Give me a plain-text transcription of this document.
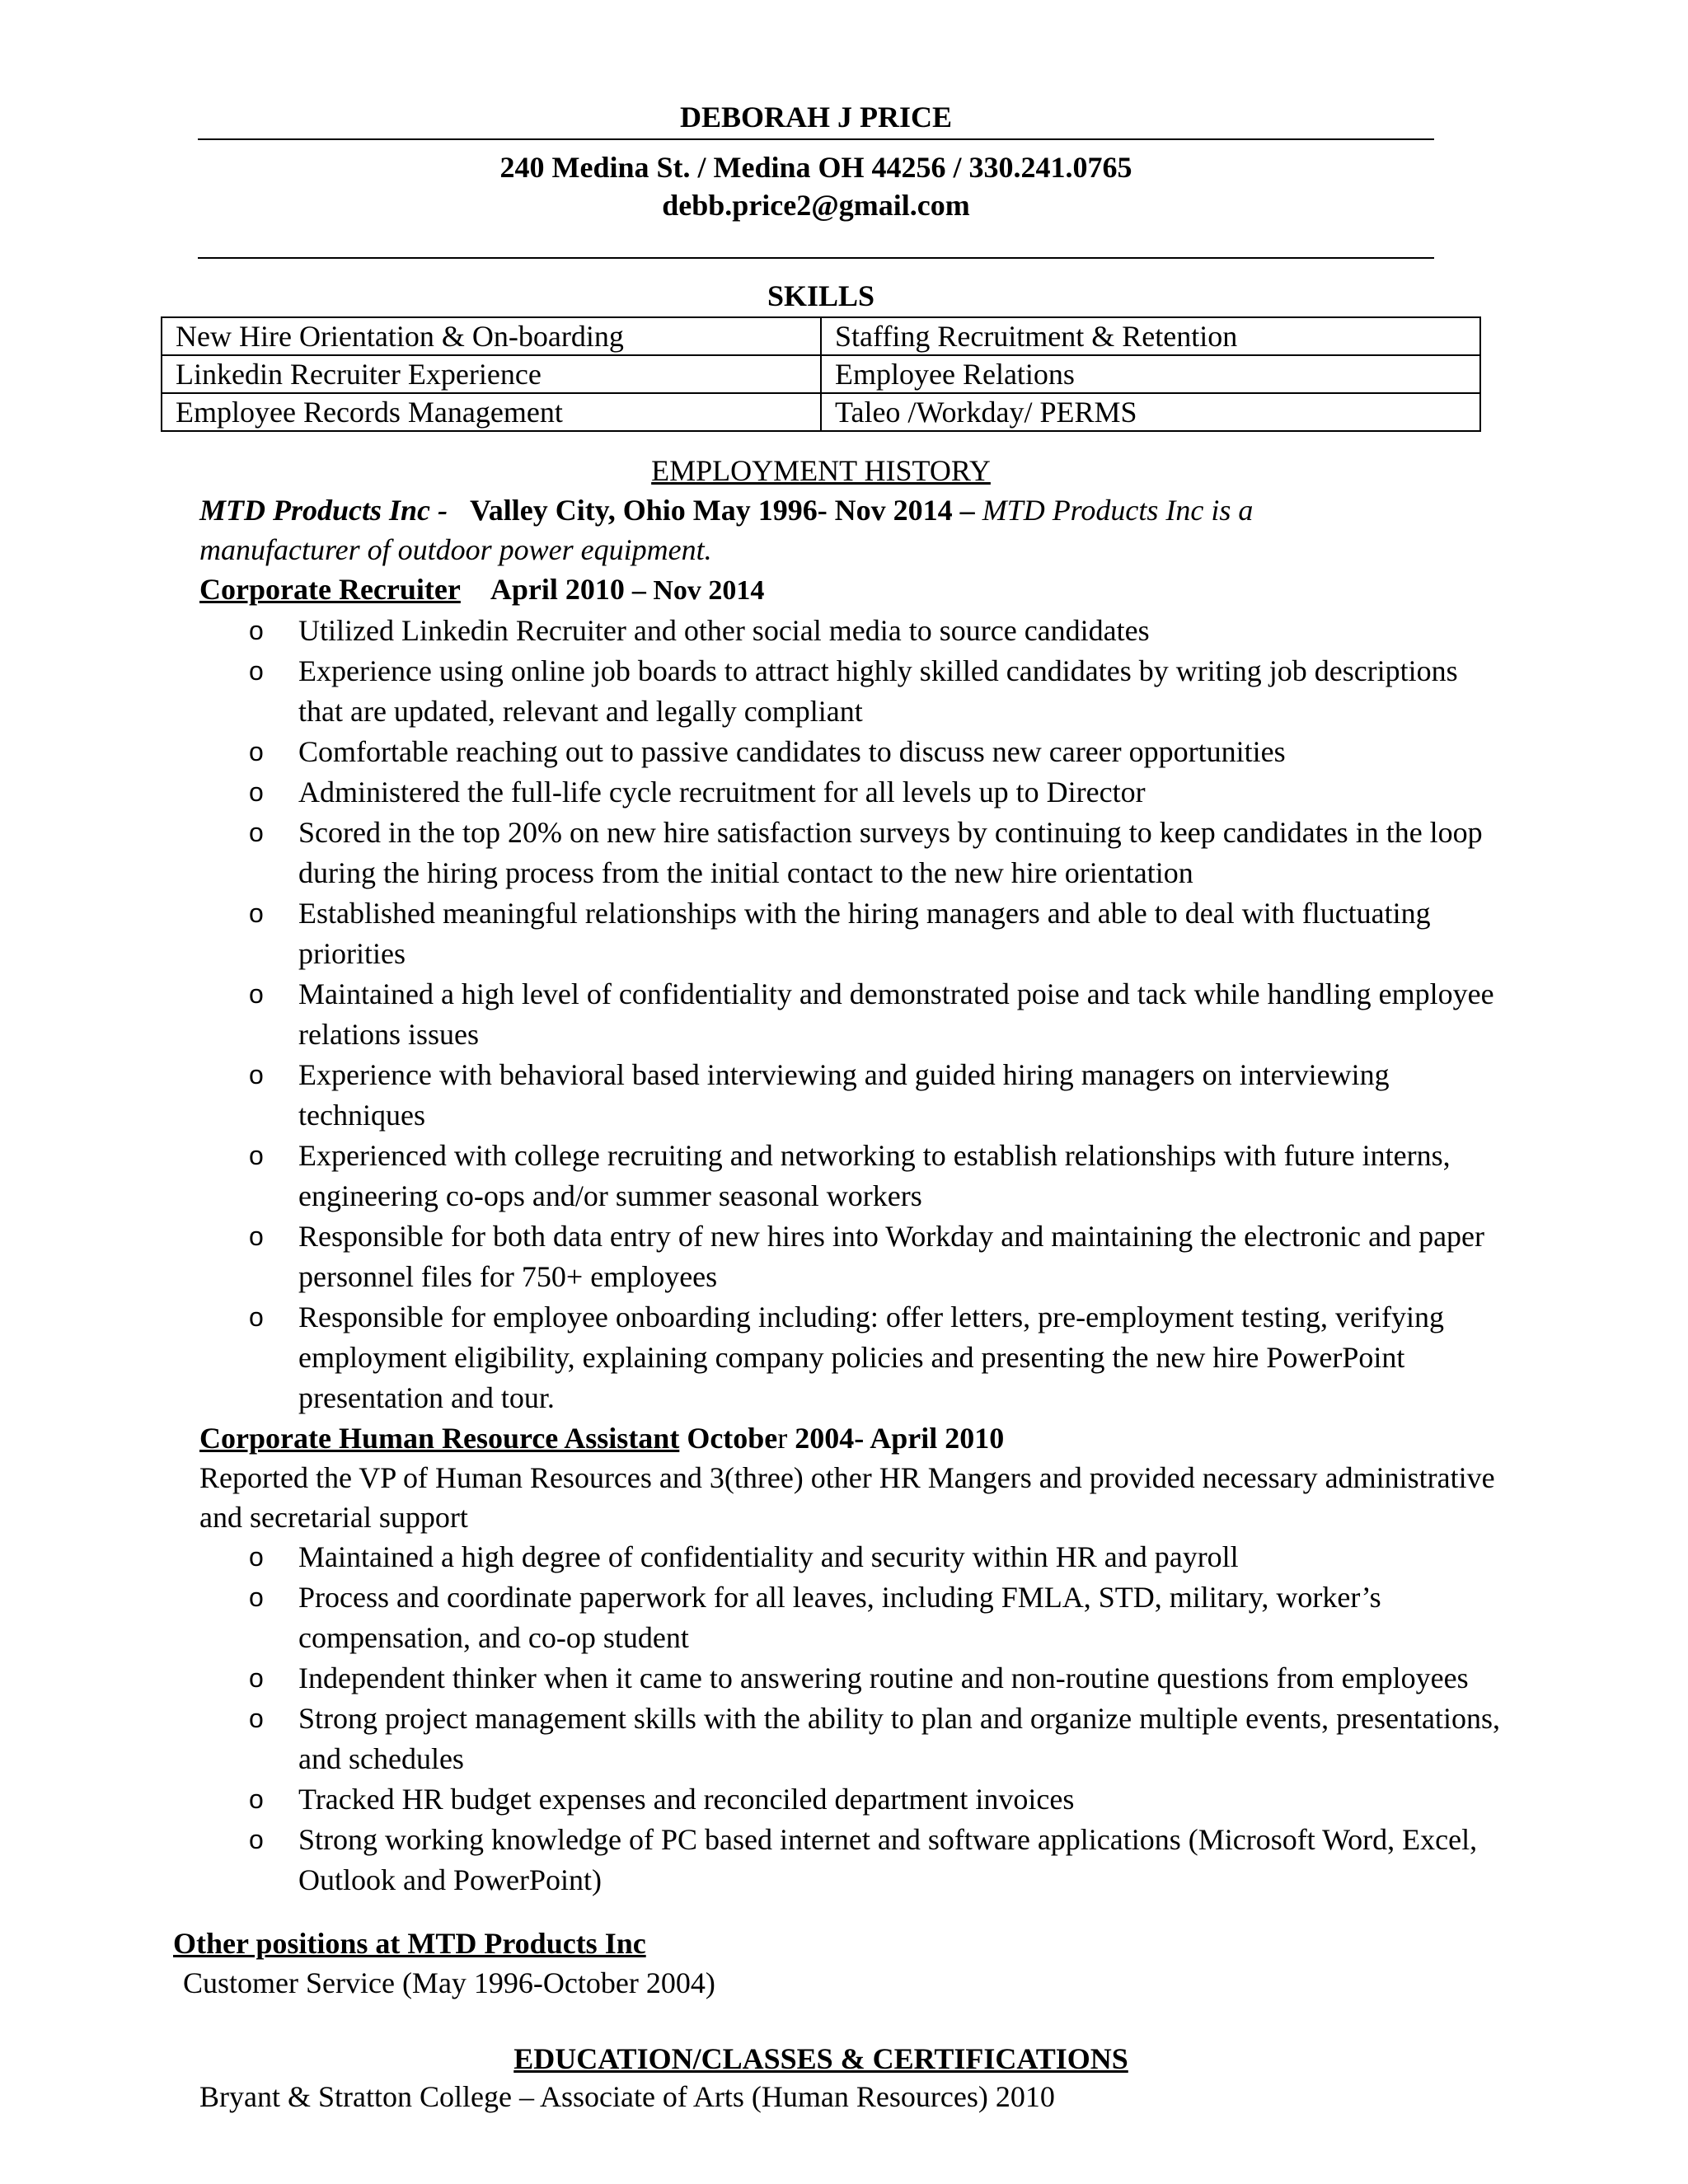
DEBORAH J PRICE
240 Medina St. / Medina OH 44256 / 330.241.0765
debb.price2@gmail.com
SKILLS
New Hire Orientation & On-boarding	Staffing Recruitment & Retention
Linkedin Recruiter Experience	Employee Relations
Employee Records Management	Taleo /Workday/ PERMS
EMPLOYMENT HISTORY
MTD Products Inc - Valley City, Ohio May 1996- Nov 2014 – MTD Products Inc is a
manufacturer of outdoor power equipment.
Corporate Recruiter April 2010 – Nov 2014
o Utilized Linkedin Recruiter and other social media to source candidates
o Experience using online job boards to attract highly skilled candidates by writing job descriptions that are updated, relevant and legally compliant
o Comfortable reaching out to passive candidates to discuss new career opportunities
o Administered the full-life cycle recruitment for all levels up to Director
o Scored in the top 20% on new hire satisfaction surveys by continuing to keep candidates in the loop during the hiring process from the initial contact to the new hire orientation
o Established meaningful relationships with the hiring managers and able to deal with fluctuating priorities
o Maintained a high level of confidentiality and demonstrated poise and tack while handling employee relations issues
o Experience with behavioral based interviewing and guided hiring managers on interviewing techniques
o Experienced with college recruiting and networking to establish relationships with future interns, engineering co-ops and/or summer seasonal workers
o Responsible for both data entry of new hires into Workday and maintaining the electronic and paper personnel files for 750+ employees
o Responsible for employee onboarding including: offer letters, pre-employment testing, verifying employment eligibility, explaining company policies and presenting the new hire PowerPoint presentation and tour.
Corporate Human Resource Assistant October 2004- April 2010
Reported the VP of Human Resources and 3(three) other HR Mangers and provided necessary administrative and secretarial support
o Maintained a high degree of confidentiality and security within HR and payroll
o Process and coordinate paperwork for all leaves, including FMLA, STD, military, worker’s compensation, and co-op student
o Independent thinker when it came to answering routine and non-routine questions from employees
o Strong project management skills with the ability to plan and organize multiple events, presentations, and schedules
o Tracked HR budget expenses and reconciled department invoices
o Strong working knowledge of PC based internet and software applications (Microsoft Word, Excel, Outlook and PowerPoint)
Other positions at MTD Products Inc
Customer Service (May 1996-October 2004)
EDUCATION/CLASSES & CERTIFICATIONS
Bryant & Stratton College – Associate of Arts (Human Resources) 2010
